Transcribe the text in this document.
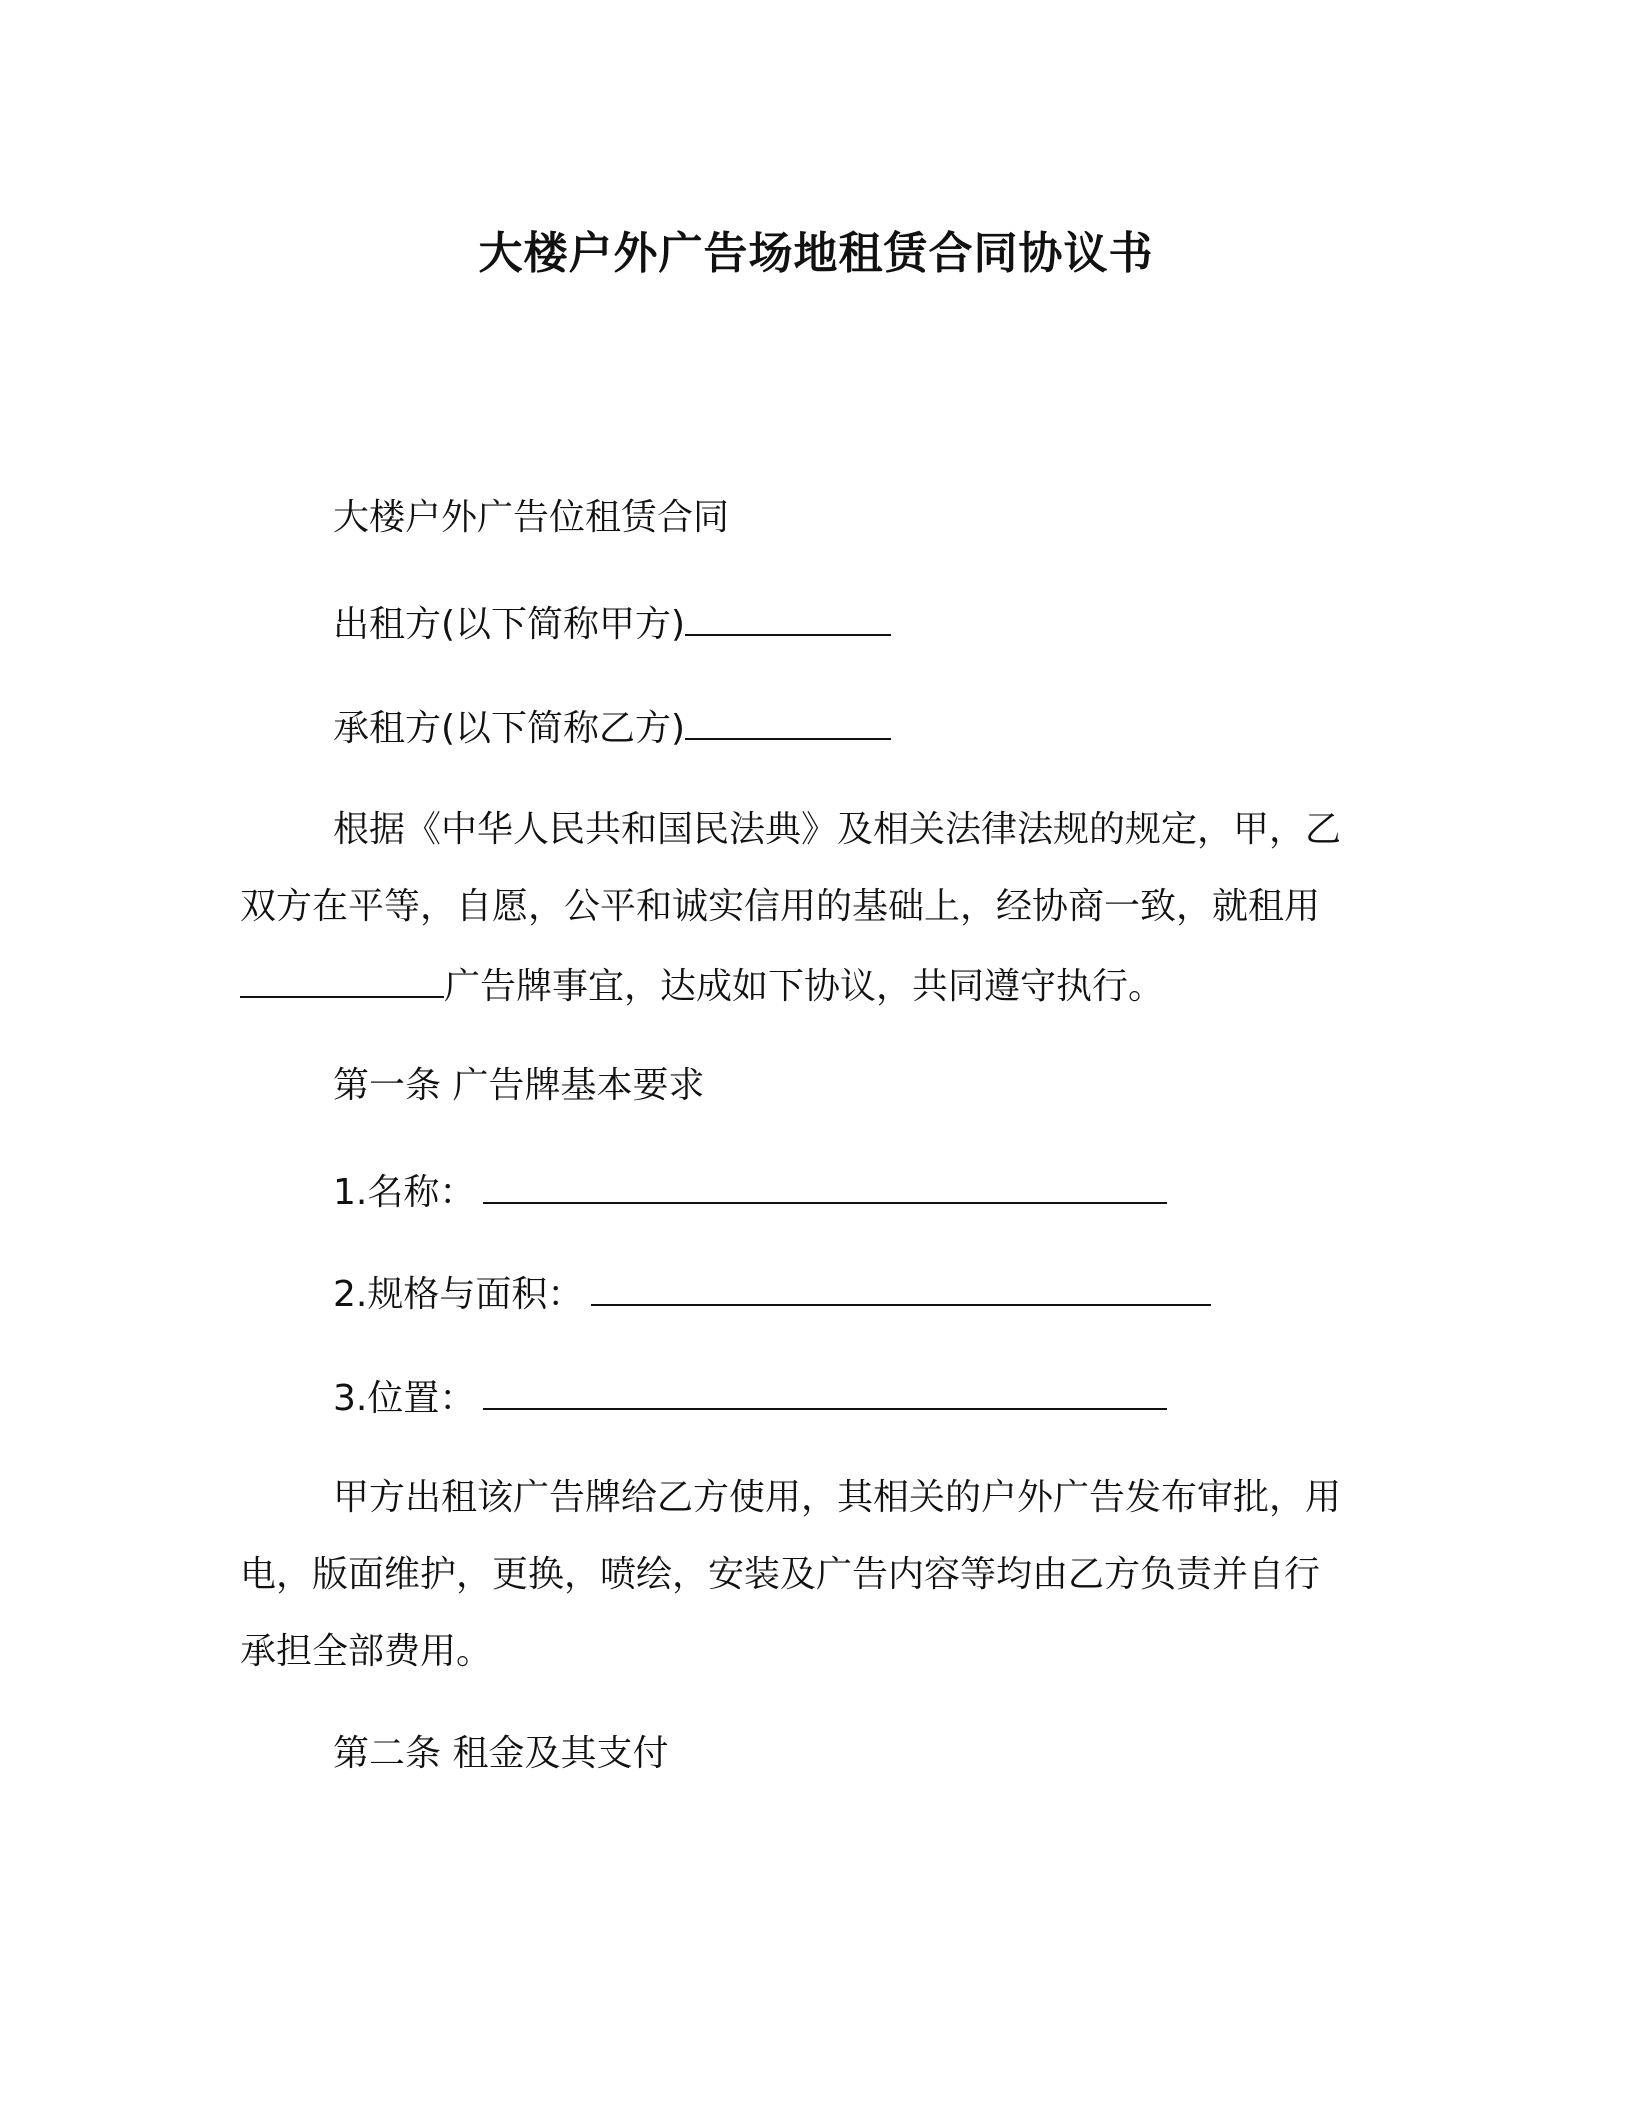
大楼户外广告场地租赁合同协议书
大楼户外广告位租赁合同
出租方(以下简称甲方)
承租方(以下简称乙方)
根据《中华人民共和国民法典》及相关法律法规的规定，甲，乙
双方在平等，自愿，公平和诚实信用的基础上，经协商一致，就租用
广告牌事宜，达成如下协议，共同遵守执行。
第一条 广告牌基本要求
1.名称：
2.规格与面积：
3.位置：
甲方出租该广告牌给乙方使用，其相关的户外广告发布审批，用
电，版面维护，更换，喷绘，安装及广告内容等均由乙方负责并自行
承担全部费用。
第二条 租金及其支付
